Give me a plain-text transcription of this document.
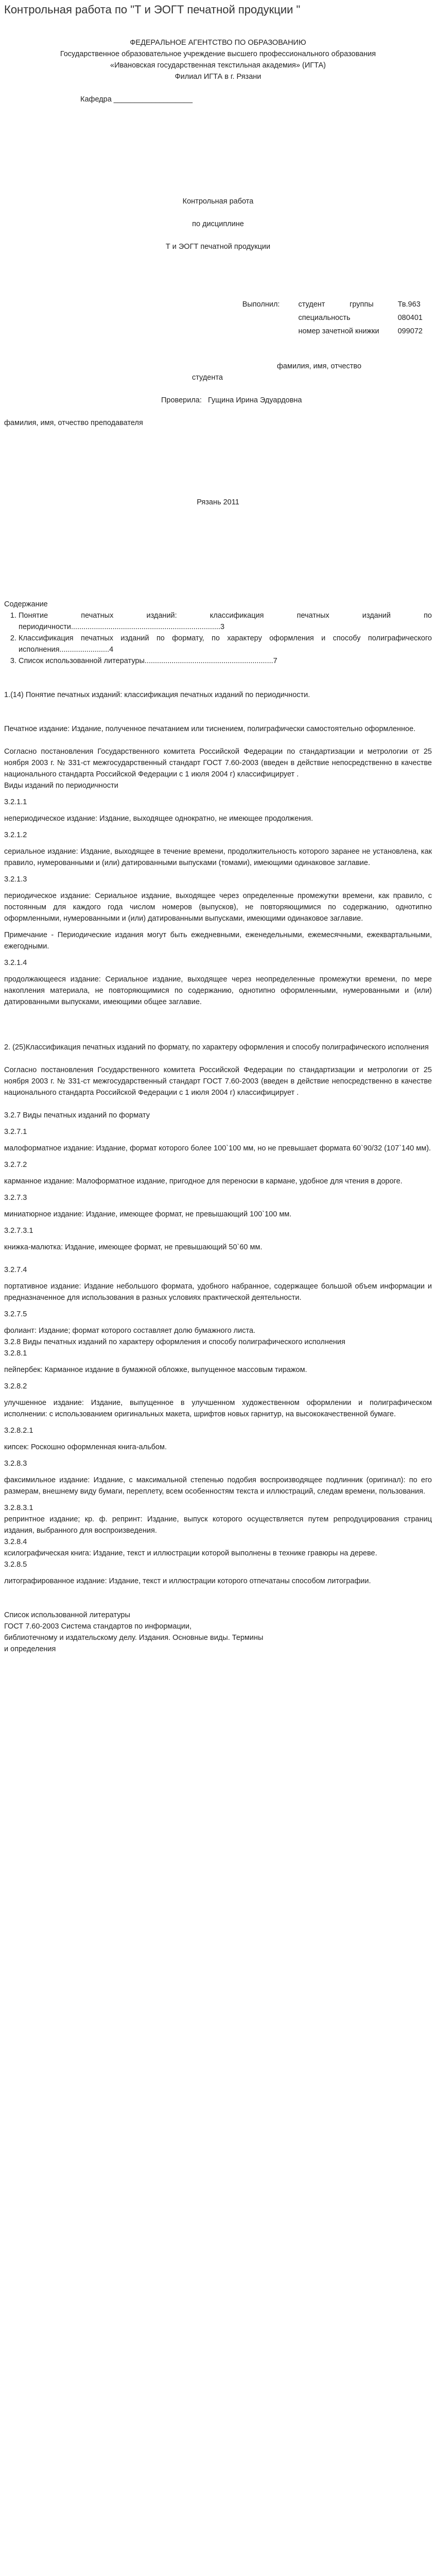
Контрольная работа по "Т и ЭОГТ печатной продукции "

ФЕДЕРАЛЬНОЕ АГЕНТСТВО ПО ОБРАЗОВАНИЮ

Государственное образовательное учреждение высшего профессионального образования

«Ивановская государственная текстильная академия» (ИГТА)

Филиал ИГТА в г. Рязани

Кафедра ___________________

Контрольная работа

по дисциплине

Т и ЭОГТ печатной продукции

Выполнил:	студент	группы	Тв.963
	специальность		080401
	номер зачетной книжки		099072

фамилия, имя, отчество

студента

Проверила: Гущина Ирина Эдуардовна

фамилия, имя, отчество преподавателя

Рязань 2011

Содержание

1. Понятие печатных изданий: классификация печатных изданий по периодичности........................................................................3
2. Классификация печатных изданий по формату, по характеру оформления и способу полиграфического исполнения........................4
3. Список использованной литературы..............................................................7

1.(14) Понятие печатных изданий: классификация печатных изданий по периодичности.

Печатное издание: Издание, полученное печатанием или тиснением, полиграфически самостоятельно оформленное.

Согласно постановления Государственного комитета Российской Федерации по стандартизации и метрологии от 25 ноября 2003 г. № 331-ст межгосударственный стандарт ГОСТ 7.60-2003 (введен в действие непосредственно в качестве национального стандарта Российской Федерации с 1 июля 2004 г) классифицирует .

Виды изданий по периодичности

3.2.1.1

непериодическое издание: Издание, выходящее однократно, не имеющее продолжения.

3.2.1.2

сериальное издание: Издание, выходящее в течение времени, продолжительность которого заранее не установлена, как правило, нумерованными и (или) датированными выпусками (томами), имеющими одинаковое заглавие.

3.2.1.3

периодическое издание: Сериальное издание, выходящее через определенные промежутки времени, как правило, с постоянным для каждого года числом номеров (выпусков), не повторяющимися по содержанию, однотипно оформленными, нумерованными и (или) датированными выпусками, имеющими одинаковое заглавие.

Примечание - Периодические издания могут быть ежедневными, еженедельными, ежемесячными, ежеквартальными, ежегодными.

3.2.1.4

продолжающееся издание: Сериальное издание, выходящее через неопределенные промежутки времени, по мере накопления материала, не повторяющимися по содержанию, однотипно оформленными, нумерованными и (или) датированными выпусками, имеющими общее заглавие.

2. (25)Классификация печатных изданий по формату, по характеру оформления и способу полиграфического исполнения

Согласно постановления Государственного комитета Российской Федерации по стандартизации и метрологии от 25 ноября 2003 г. № 331-ст межгосударственный стандарт ГОСТ 7.60-2003 (введен в действие непосредственно в качестве национального стандарта Российской Федерации с 1 июля 2004 г) классифицирует .

3.2.7 Виды печатных изданий по формату

3.2.7.1

малоформатное издание: Издание, формат которого более 100`100 мм, но не превышает формата 60`90/32 (107`140 мм).

3.2.7.2

карманное издание: Малоформатное издание, пригодное для переноски в кармане, удобное для чтения в дороге.

3.2.7.3

миниатюрное издание: Издание, имеющее формат, не превышающий 100`100 мм.

3.2.7.3.1

книжка-малютка: Издание, имеющее формат, не превышающий 50`60 мм.

3.2.7.4

портативное издание: Издание небольшого формата, удобного набранное, содержащее большой объем информации и предназначенное для использования в разных условиях практической деятельности.

3.2.7.5

фолиант: Издание; формат которого составляет долю бумажного листа.

3.2.8 Виды печатных изданий по характеру оформления и способу полиграфического исполнения

3.2.8.1

пейпербек: Карманное издание в бумажной обложке, выпущенное массовым тиражом.

3.2.8.2

улучшенное издание: Издание, выпущенное в улучшенном художественном оформлении и полиграфическом исполнении: с использованием оригинальных макета, шрифтов новых гарнитур, на высококачественной бумаге.

3.2.8.2.1

кипсек: Роскошно оформленная книга-альбом.

3.2.8.3

факсимильное издание: Издание, с максимальной степенью подобия воспроизводящее подлинник (оригинал): по его размерам, внешнему виду бумаги, переплету, всем особенностям текста и иллюстраций, следам времени, пользования.

3.2.8.3.1

репринтное издание; кр. ф. репринт: Издание, выпуск которого осуществляется путем репродуцирования страниц издания, выбранного для воспроизведения.

3.2.8.4

ксилографическая книга: Издание, текст и иллюстрации которой выполнены в технике гравюры на дереве.

3.2.8.5

литографированное издание: Издание, текст и иллюстрации которого отпечатаны способом литографии.

Список использованной литературы

ГОСТ 7.60-2003 Система стандартов по информации,

библиотечному и издательскому делу. Издания. Основные виды. Термины

и определения
